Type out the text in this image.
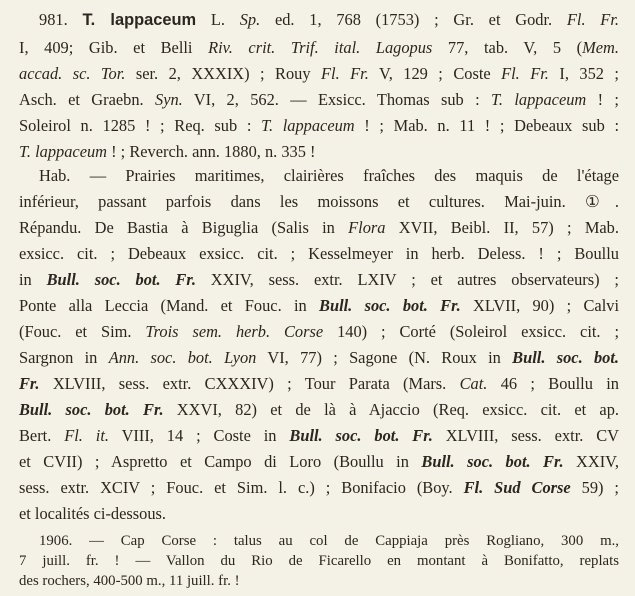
981. T. lappaceum L. Sp. ed. 1, 768 (1753) ; Gr. et Godr. Fl. Fr.
I, 409; Gib. et Belli Riv. crit. Trif. ital. Lagopus 77, tab. V, 5 (Mem.
accad. sc. Tor. ser. 2, XXXIX) ; Rouy Fl. Fr. V, 129 ; Coste Fl. Fr. I, 352 ;
Asch. et Graebn. Syn. VI, 2, 562. — Exsicc. Thomas sub : T. lappaceum ! ;
Soleirol n. 1285 ! ; Req. sub : T. lappaceum ! ; Mab. n. 11 ! ; Debeaux sub :
T. lappaceum ! ; Reverch. ann. 1880, n. 335 !
Hab. — Prairies maritimes, clairières fraîches des maquis de l'étage
inférieur, passant parfois dans les moissons et cultures. Mai-juin. ①.
Répandu. De Bastia à Biguglia (Salis in Flora XVII, Beibl. II, 57) ; Mab.
exsicc. cit. ; Debeaux exsicc. cit. ; Kesselmeyer in herb. Deless. ! ; Boullu
in Bull. soc. bot. Fr. XXIV, sess. extr. LXIV ; et autres observateurs) ;
Ponte alla Leccia (Mand. et Fouc. in Bull. soc. bot. Fr. XLVII, 90) ; Calvi
(Fouc. et Sim. Trois sem. herb. Corse 140) ; Corté (Soleirol exsicc. cit. ;
Sargnon in Ann. soc. bot. Lyon VI, 77) ; Sagone (N. Roux in Bull. soc. bot.
Fr. XLVIII, sess. extr. CXXXIV) ; Tour Parata (Mars. Cat. 46 ; Boullu in
Bull. soc. bot. Fr. XXVI, 82) et de là à Ajaccio (Req. exsicc. cit. et ap.
Bert. Fl. it. VIII, 14 ; Coste in Bull. soc. bot. Fr. XLVIII, sess. extr. CV
et CVII) ; Aspretto et Campo di Loro (Boullu in Bull. soc. bot. Fr. XXIV,
sess. extr. XCIV ; Fouc. et Sim. l. c.) ; Bonifacio (Boy. Fl. Sud Corse 59) ;
et localités ci-dessous.
1906. — Cap Corse : talus au col de Cappiaja près Rogliano, 300 m.,
7 juill. fr. ! — Vallon du Rio de Ficarello en montant à Bonifatto, replats
des rochers, 400-500 m., 11 juill. fr. !
